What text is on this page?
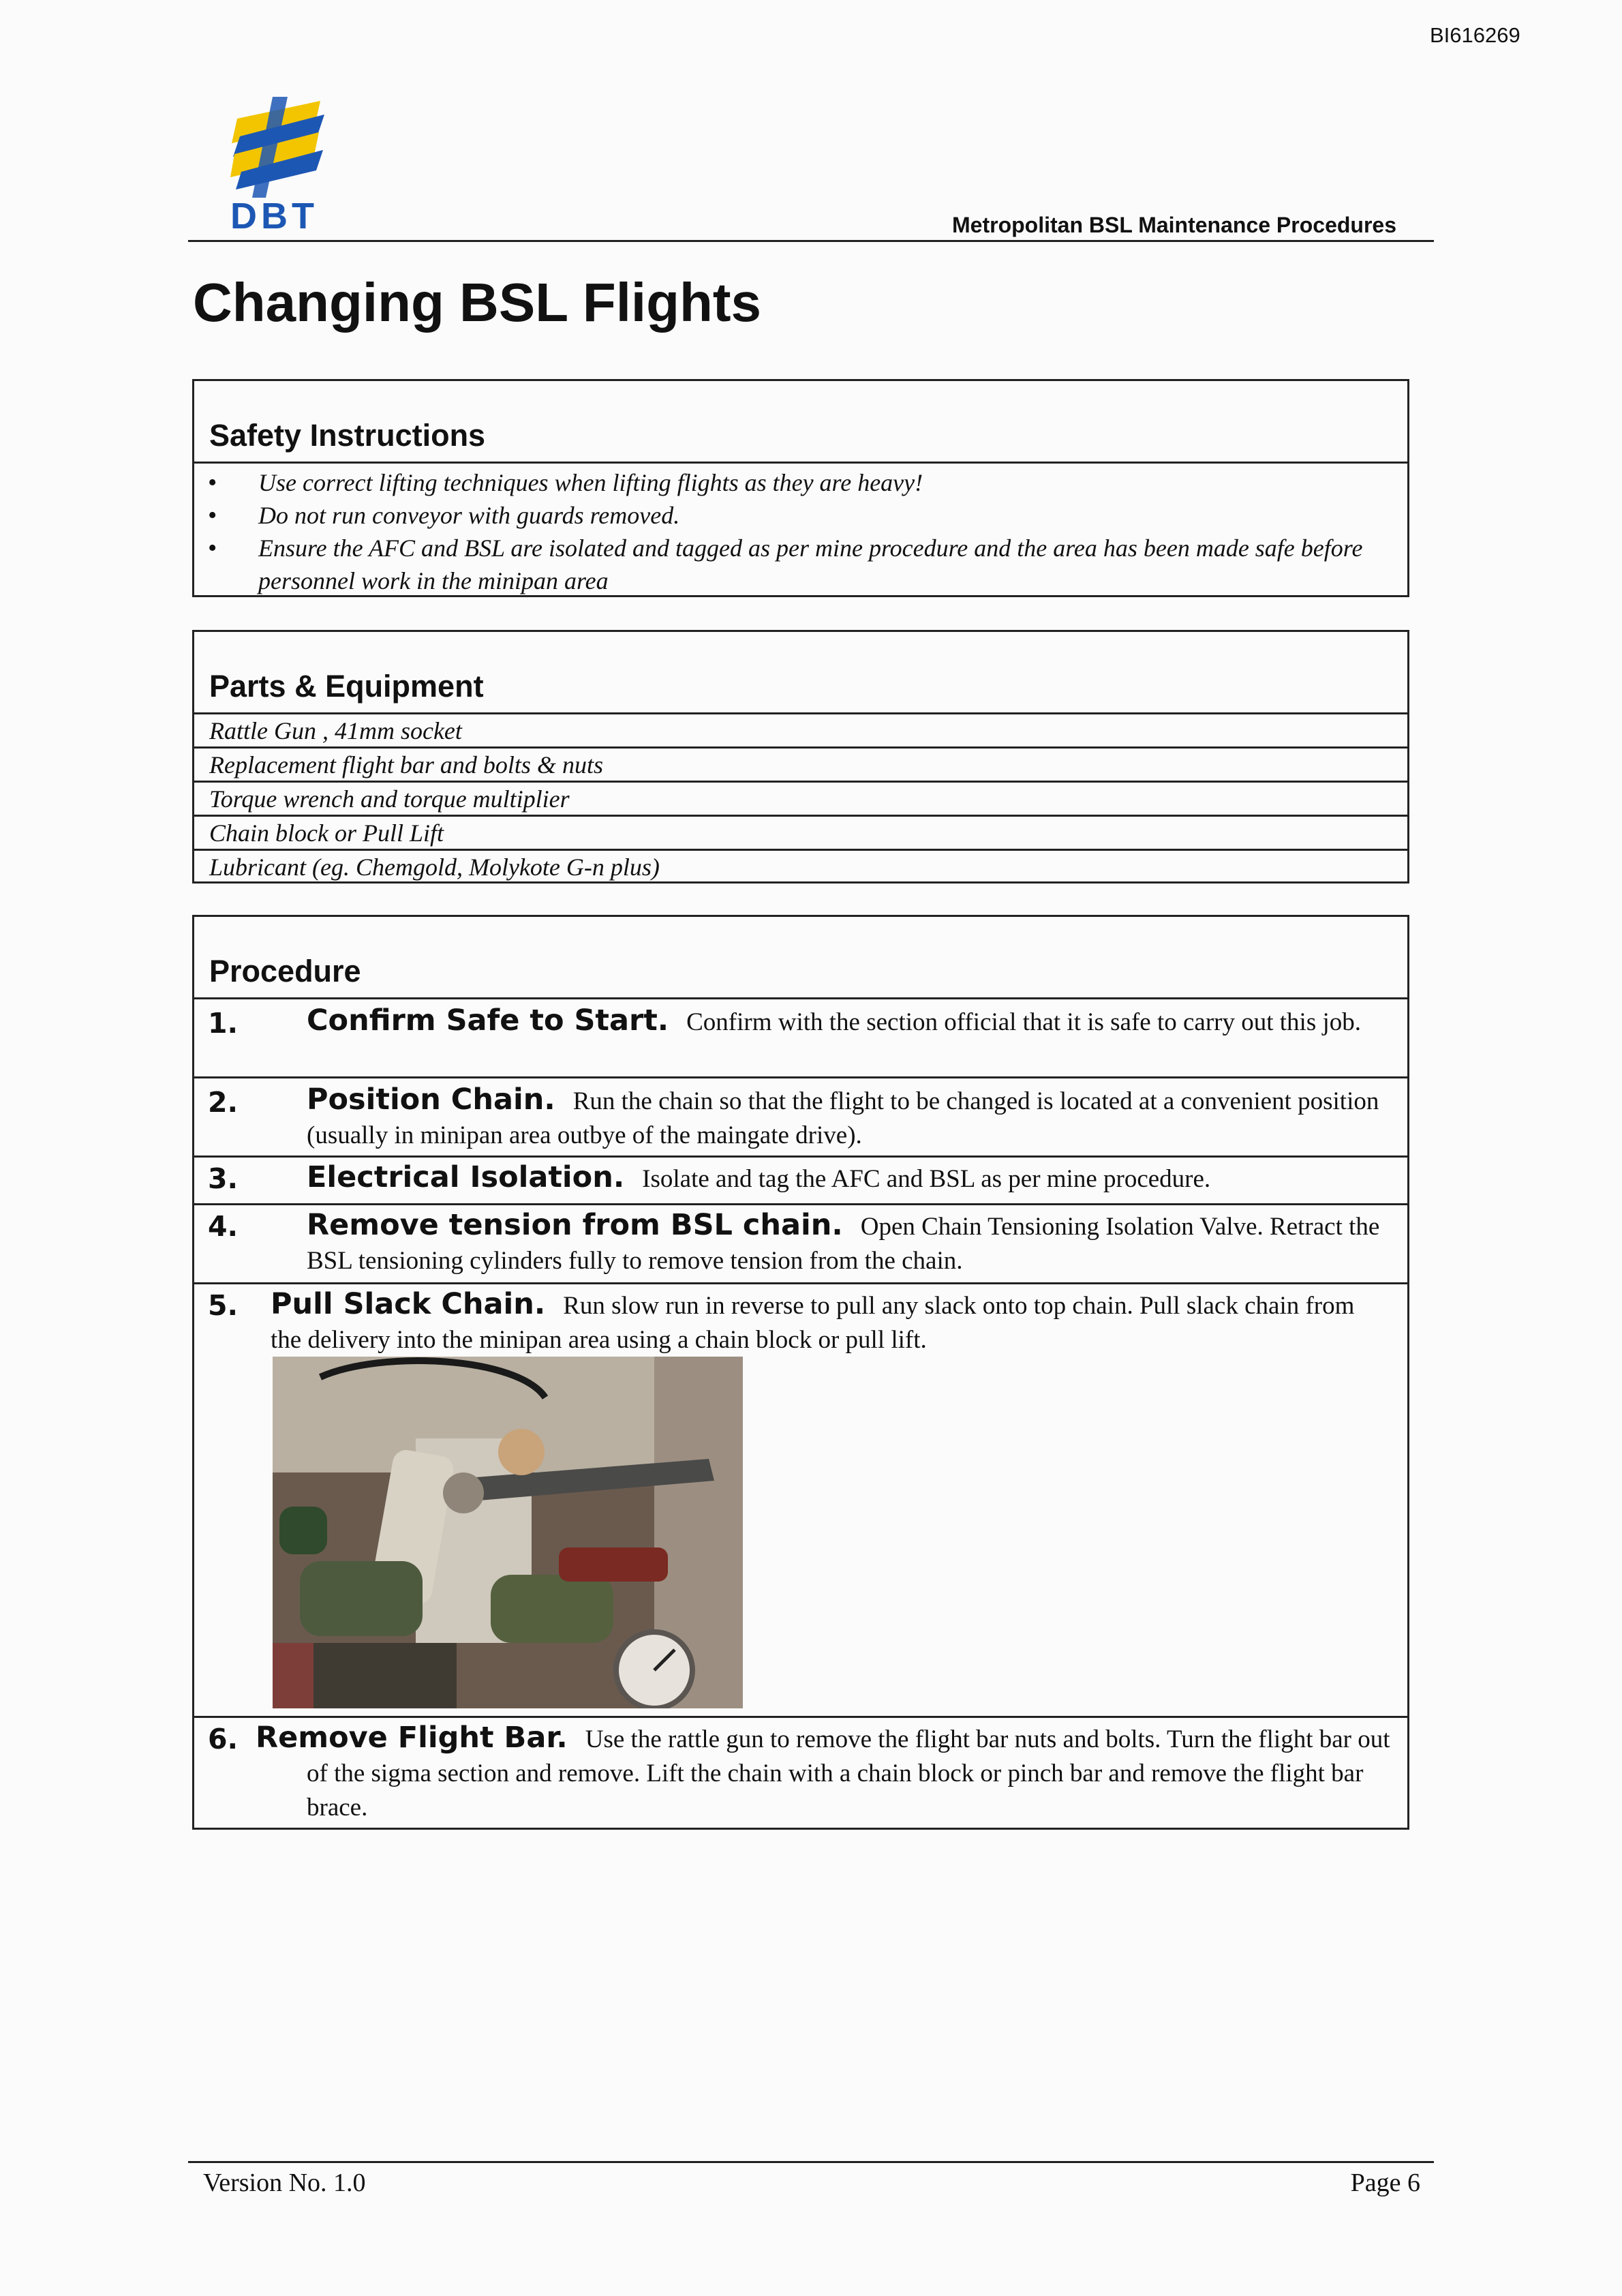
BI616269
DBT	Metropolitan BSL Maintenance Procedures
Changing BSL Flights
Safety Instructions
• Use correct lifting techniques when lifting flights as they are heavy!
• Do not run conveyor with guards removed.
• Ensure the AFC and BSL are isolated and tagged as per mine procedure and the area has been made safe before personnel work in the minipan area
Parts & Equipment
Rattle Gun , 41mm socket
Replacement flight bar and bolts & nuts
Torque wrench and torque multiplier
Chain block or Pull Lift
Lubricant (eg. Chemgold, Molykote G-n plus)
Procedure
1. Confirm Safe to Start. Confirm with the section official that it is safe to carry out this job.
2. Position Chain. Run the chain so that the flight to be changed is located at a convenient position (usually in minipan area outbye of the maingate drive).
3. Electrical Isolation. Isolate and tag the AFC and BSL as per mine procedure.
4. Remove tension from BSL chain. Open Chain Tensioning Isolation Valve. Retract the BSL tensioning cylinders fully to remove tension from the chain.
5. Pull Slack Chain. Run slow run in reverse to pull any slack onto top chain. Pull slack chain from the delivery into the minipan area using a chain block or pull lift.
6. Remove Flight Bar. Use the rattle gun to remove the flight bar nuts and bolts. Turn the flight bar out of the sigma section and remove. Lift the chain with a chain block or pinch bar and remove the flight bar brace.
Version No. 1.0	Page 6
